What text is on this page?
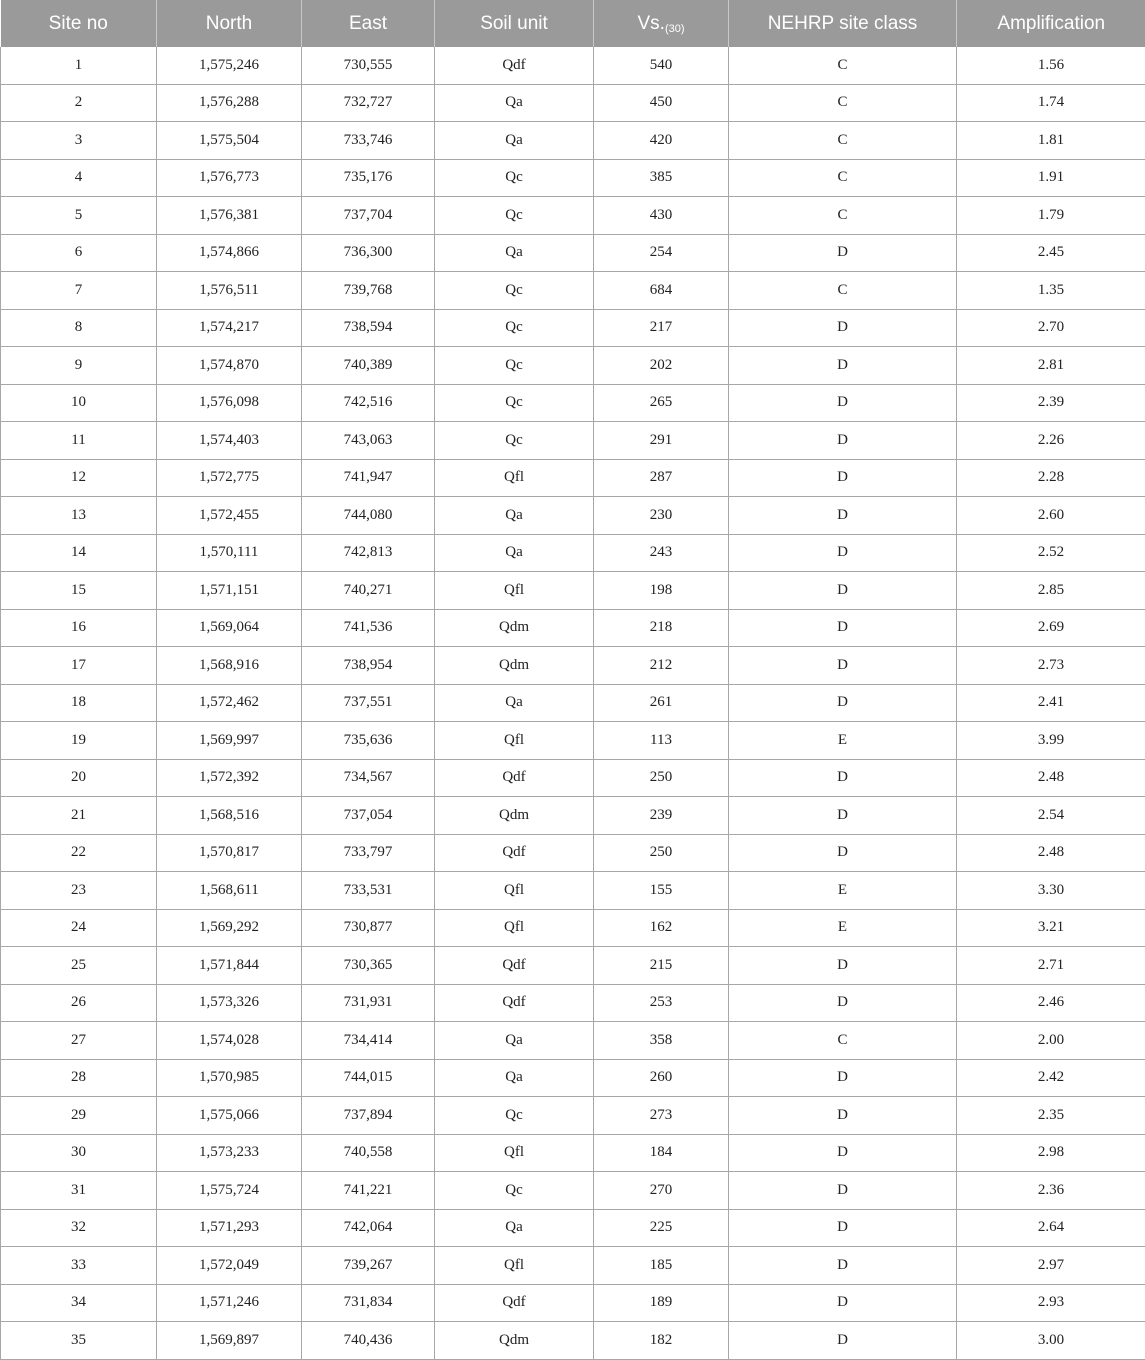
Site no	North	East	Soil unit	$Vs._{(30)}$	NEHRP site class	Amplification
1	1,575,246	730,555	Qdf	540	C	1.56
2	1,576,288	732,727	Qa	450	C	1.74
3	1,575,504	733,746	Qa	420	C	1.81
4	1,576,773	735,176	Qc	385	C	1.91
5	1,576,381	737,704	Qc	430	C	1.79
6	1,574,866	736,300	Qa	254	D	2.45
7	1,576,511	739,768	Qc	684	C	1.35
8	1,574,217	738,594	Qc	217	D	2.70
9	1,574,870	740,389	Qc	202	D	2.81
10	1,576,098	742,516	Qc	265	D	2.39
11	1,574,403	743,063	Qc	291	D	2.26
12	1,572,775	741,947	Qfl	287	D	2.28
13	1,572,455	744,080	Qa	230	D	2.60
14	1,570,111	742,813	Qa	243	D	2.52
15	1,571,151	740,271	Qfl	198	D	2.85
16	1,569,064	741,536	Qdm	218	D	2.69
17	1,568,916	738,954	Qdm	212	D	2.73
18	1,572,462	737,551	Qa	261	D	2.41
19	1,569,997	735,636	Qfl	113	E	3.99
20	1,572,392	734,567	Qdf	250	D	2.48
21	1,568,516	737,054	Qdm	239	D	2.54
22	1,570,817	733,797	Qdf	250	D	2.48
23	1,568,611	733,531	Qfl	155	E	3.30
24	1,569,292	730,877	Qfl	162	E	3.21
25	1,571,844	730,365	Qdf	215	D	2.71
26	1,573,326	731,931	Qdf	253	D	2.46
27	1,574,028	734,414	Qa	358	C	2.00
28	1,570,985	744,015	Qa	260	D	2.42
29	1,575,066	737,894	Qc	273	D	2.35
30	1,573,233	740,558	Qfl	184	D	2.98
31	1,575,724	741,221	Qc	270	D	2.36
32	1,571,293	742,064	Qa	225	D	2.64
33	1,572,049	739,267	Qfl	185	D	2.97
34	1,571,246	731,834	Qdf	189	D	2.93
35	1,569,897	740,436	Qdm	182	D	3.00
